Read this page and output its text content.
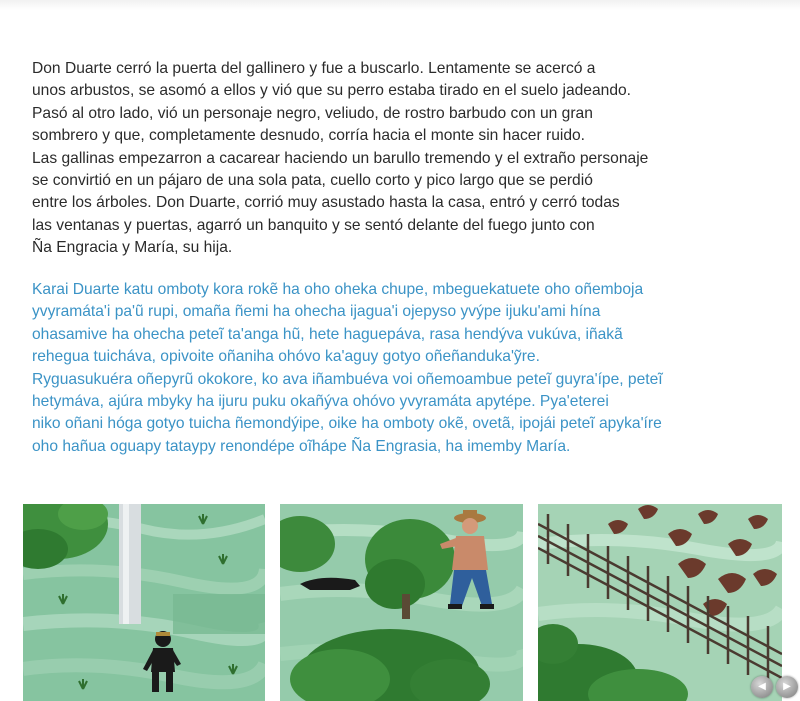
Don Duarte cerró la puerta del gallinero y fue a buscarlo. Lentamente se acercó a

unos arbustos, se asomó a ellos y vió que su perro estaba tirado en el suelo jadeando.

Pasó al otro lado, vió un personaje negro, veliudo, de rostro barbudo con un gran

sombrero y que, completamente desnudo, corría hacia el monte sin hacer ruido.

Las gallinas empezarron a cacarear haciendo un barullo tremendo y el extraño personaje

se convirtió en un pájaro de una sola pata, cuello corto y pico largo que se perdió

entre los árboles. Don Duarte, corrió muy asustado hasta la casa, entró y cerró todas

las ventanas y puertas, agarró un banquito y se sentó delante del fuego junto con

Ña Engracia y María, su hija.

Karai Duarte katu omboty kora rokẽ ha oho oheka chupe, mbeguekatuete oho oñemboja

yvyramáta'i pa'ũ rupi, omaña ñemi ha ohecha ijagua'i ojepyso yvýpe ijuku'ami hína

ohasamive ha ohecha peteĩ ta'anga hũ, hete haguepáva, rasa hendýva vukúva, iñakã

rehegua tuicháva, opivoite oñaniha ohóvo ka'aguy gotyo oñeñanduka'ỹre.

Ryguasukuéra oñepyrũ okokore, ko ava iñambuéva voi oñemoambue peteĩ guyra'ípe, peteĩ

hetymáva, ajúra mbyky ha ijuru puku okañýva ohóvo yvyramáta apytépe. Pya'eterei

niko oñani hóga gotyo tuicha ñemondýipe, oike ha omboty okẽ, ovetã, ipojái peteĩ apyka'íre

oho hañua oguapy tataypy renondépe oĩhápe Ña Engrasia, ha imemby María.

◀	▶
